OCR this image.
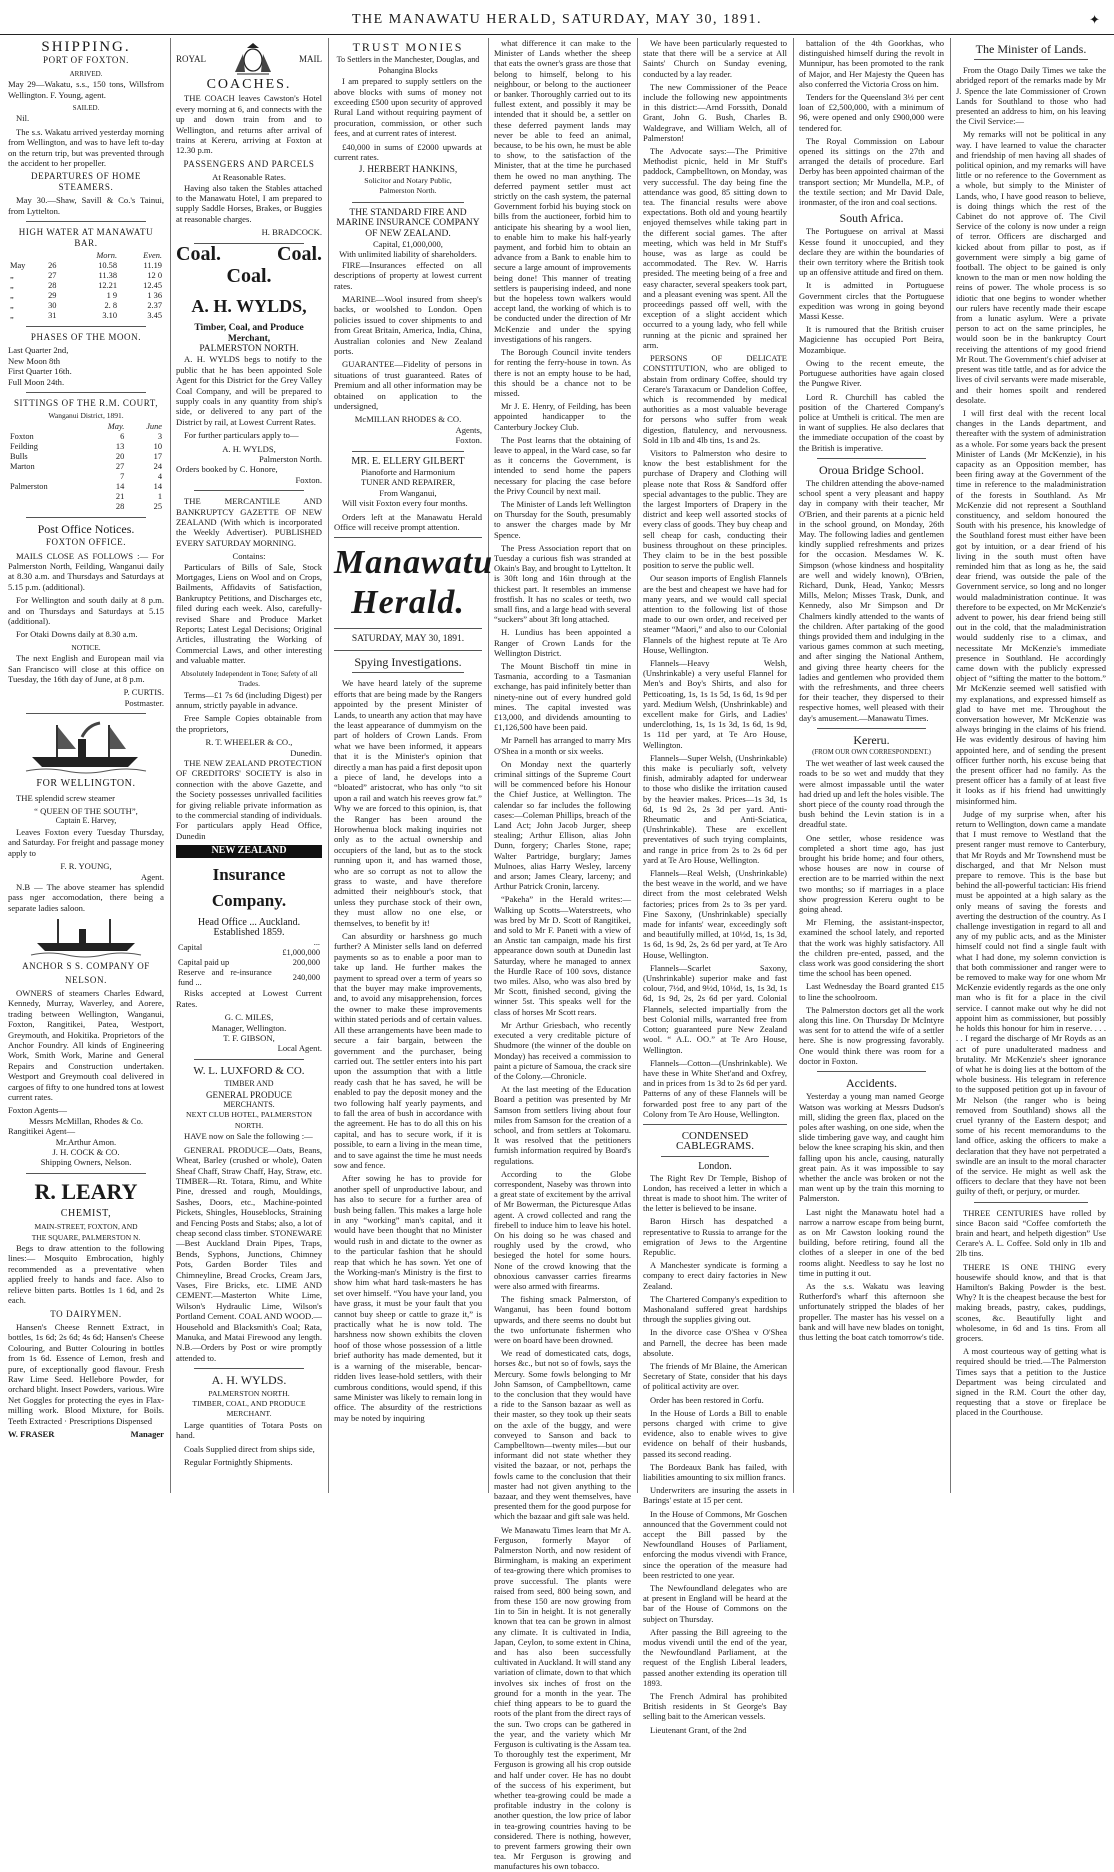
THE MANAWATU HERALD, SATURDAY, MAY 30, 1891.	✦
SHIPPING.
PORT OF FOXTON.
ARRIVED.

May 29—Wakatu, s.s., 150 tons, Willsfrom Wellington. F. Young, agent.

SAILED.

Nil.

The s.s. Wakatu arrived yesterday morning from Wellington, and was to have left to-day on the return trip, but was prevented through the accident to her propeller.

DEPARTURES OF HOME STEAMERS.

May 30.—Shaw, Savill & Co.'s Tainui, from Lyttelton.

HIGH WATER AT MANAWATU BAR.
		Morn.	Even.
May	26	10.58	11.19
„	27	11.38	12 0
„	28	12.21	12.45
„	29	1 9	1 36
„	30	2. 8	2.37
„	31	3.10	3.45
PHASES OF THE MOON.
Last Quarter 2nd,
New Moon 8th
First Quarter 16th.
Full Moon 24th.
SITTINGS OF THE R.M. COURT,
Wanganui District, 1891.
	May.	June
Foxton	6	3
Feilding	13	10
Bulls	20	17
Marton	27	24
	7	4
Palmerston	14	14
	21	1
	28	25
Post Office Notices.
FOXTON OFFICE.

MAILS CLOSE AS FOLLOWS :— For Palmerston North, Feilding, Wanganui daily at 8.30 a.m. and Thursdays and Saturdays at 5.15 p.m. (additional).

For Wellington and south daily at 8 p.m. and on Thursdays and Saturdays at 5.15 (additional).

For Otaki Downs daily at 8.30 a.m.

NOTICE.

The next English and European mail via San Francisco will close at this office on Tuesday, the 16th day of June, at 8 p.m.

P. CURTIS.
Postmaster.
FOR WELLINGTON.

THE splendid screw steamer

“ QUEEN OF THE SOUTH”,
Captain E. Harvey,

Leaves Foxton every Tuesday Thursday, and Saturday. For freight and passage money apply to

F. R. YOUNG,
Agent.

N.B — The above steamer has splendid pass nger accomodation, there being a separate ladies saloon.

ANCHOR S S. COMPANY OF
NELSON.

OWNERS of steamers Charles Edward, Kennedy, Murray, Waverley, and Aorere, trading between Wellington, Wanganui, Foxton, Rangitikei, Patea, Westport, Greymouth, and Hokitika. Proprietors of the Anchor Foundry. All kinds of Engineering Work, Smith Work, Marine and General Repairs and Construction undertaken. Westport and Greymouth coal delivered in cargoes of fifty to one hundred tons at lowest current rates.

Foxton Agents—
Messrs McMillan, Rhodes & Co.
Rangitikei Agent—
Mr.Arthur Amon.
J. H. COCK & CO.
Shipping Owners, Nelson.
R. LEARY
CHEMIST,
MAIN-STREET, FOXTON, AND
THE SQUARE, PALMERSTON N.

Begs to draw attention to the following lines:— Mosquito Embrocation, highly recommended as a preventative when applied freely to hands and face. Also to relieve bitten parts. Bottles 1s 1 6d, and 2s each.

TO DAIRYMEN.

Hansen's Cheese Rennett Extract, in bottles, 1s 6d; 2s 6d; 4s 6d; Hansen's Cheese Colouring, and Butter Colouring in bottles from 1s 6d. Essence of Lemon, fresh and pure, of exceptionally good flavour. Fresh Raw Lime Seed. Hellebore Powder, for orchard blight. Insect Powders, various. Wire Net Goggles for protecting the eyes in Flax-milling work. Blood Mixture, for Boils. Teeth Extracted · Prescriptions Dispensed

W. FRASER	Manager
ROYAL	MAIL
COACHES.

THE COACH leaves Cawston's Hotel every morning at 6, and connects with the up and down train from and to Wellington, and returns after arrival of trains at Kereru, arriving at Foxton at 12.30 p.m.

PASSENGERS AND PARCELS
At Reasonable Rates.

Having also taken the Stables attached to the Manawatu Hotel, I am prepared to supply Saddle Horses, Brakes, or Buggies at reasonable charges.

H. BRADCOCK.
Coal.	Coal.
Coal.
A. H. WYLDS,
Timber, Coal, and Produce Merchant,
PALMERSTON NORTH.

A. H. WYLDS begs to notify to the public that he has been appointed Sole Agent for this District for the Grey Valley Coal Company, and will be prepared to supply coals in any quantity from ship's side, or delivered to any part of the District by rail, at Lowest Current Rates.

For further particulars apply to—

A. H. WYLDS,
Palmerston North.
Orders booked by C. Honore,
Foxton.

THE MERCANTILE AND BANKRUPTCY GAZETTE OF NEW ZEALAND (With which is incorporated the Weekly Advertiser). PUBLISHED EVERY SATURDAY MORNING.

Contains:

Particulars of Bills of Sale, Stock Mortgages, Liens on Wool and on Crops, Bailments, Affidavits of Satisfaction, Bankruptcy Petitions, and Discharges etc, filed during each week. Also, carefully-revised Share and Produce Market Reports; Latest Legal Decisions; Original Articles, illustrating the Working of Commercial Laws, and other interesting and valuable matter.

Absolutely Independent in Tone; Safety of all Trades.

Terms—£1 7s 6d (including Digest) per annum, strictly payable in advance.

Free Sample Copies obtainable from the proprietors,

R. T. WHEELER & CO.,
Dunedin.

THE NEW ZEALAND PROTECTION OF CREDITORS' SOCIETY is also in connection with the above Gazette, and the Society possesses unrivalled facilities for giving reliable private information as to the commercial standing of individuals. For particulars apply Head Office, Dunedin

NEW ZEALAND
Insurance Company.
Head Office ... Auckland.
Established 1859.
Capital	... £1,000,000
Capital paid up	200,000
Reserve and re-insurance fund ...	240,000

Risks accepted at Lowest Current Rates.

G. C. MILES,
Manager, Wellington.
T. F. GIBSON,
Local Agent.
W. L. LUXFORD & CO.
TIMBER AND
GENERAL PRODUCE
MERCHANTS.
NEXT CLUB HOTEL, PALMERSTON NORTH.

HAVE now on Sale the following :—

GENERAL PRODUCE—Oats, Beans, Wheat, Barley (crushed or whole), Oaten Sheaf Chaff, Straw Chaff, Hay, Straw, etc. TIMBER—Rt. Totara, Rimu, and White Pine, dressed and rough, Mouldings, Sashes, Doors, etc., Machine-pointed Pickets, Shingles, Houseblocks, Straining and Fencing Posts and Stabs; also, a lot of cheap second class timber. STONEWARE—Best Auckland Drain Pipes, Traps, Bends, Syphons, Junctions, Chimney Pots, Garden Border Tiles and Chimneyline, Bread Crocks, Cream Jars, Vases, Fire Bricks, etc. LIME AND CEMENT.—Masterton White Lime, Wilson's Hydraulic Lime, Wilson's Portland Cement. COAL AND WOOD.—Household and Blacksmith's Coal; Rata, Manuka, and Matai Firewood any length. N.B.—Orders by Post or wire promptly attended to.

A. H. WYLDS.
PALMERSTON NORTH.
TIMBER, COAL, AND PRODUCE MERCHANT.

Large quantities of Totara Posts on hand.

Coals Supplied direct from ships side,

Regular Fortnightly Shipments.

TRUST MONIES
To Settlers in the Manchester, Douglas, and Pohangina Blocks

I am prepared to supply settlers on the above blocks with sums of money not exceeding £500 upon security of approved Rural Land without requiring payment of procuration, commission, or other such fees, and at current rates of interest.

£40,000 in sums of £2000 upwards at current rates.

J. HERBERT HANKINS,
Solicitor and Notary Public,
Palmerston North.
THE STANDARD FIRE AND MARINE INSURANCE COMPANY OF NEW ZEALAND.
Capital, £1,000,000,
With unlimited liability of shareholders.

FIRE—Insurances effected on all descriptions of property at lowest current rates.

MARINE—Wool insured from sheep's backs, or woolshed to London. Open policies issued to cover shipments to and from Great Britain, America, India, China, Australian colonies and New Zealand ports.

GUARANTEE—Fidelity of persons in situations of trust guaranteed. Rates of Premium and all other information may be obtained on application to the undersigned,

McMILLAN RHODES & CO.
Agents,
Foxton.
MR. E. ELLERY GILBERT
Pianoforte and Harmonium
TUNER AND REPAIRER,
From Wanganui,

Will visit Foxton every four months.

Orders left at the Manawatu Herald Office will receive prompt attention.

Manawatu Herald.
SATURDAY, MAY 30, 1891.
Spying Investigations.

We have heard lately of the supreme efforts that are being made by the Rangers appointed by the present Minister of Lands, to unearth any action that may have the least appearance of dummyism on the part of holders of Crown Lands. From what we have been informed, it appears that it is the Minister's opinion that directly a man has paid a first deposit upon a piece of land, he develops into a “bloated” aristocrat, who has only “to sit upon a rail and watch his reeves grow fat.” Why we are forced to this opinion, is, that the Ranger has been around the Horowhenua block making inquiries not only as to the actual ownership and occupiers of the land, but as to the stock running upon it, and has warned those, who are so corrupt as not to allow the grass to waste, and have therefore admitted their neighbour's stock, that unless they purchase stock of their own, they must allow no one else, or themselves, to benefit by it!

Can absurdity or harshness go much further? A Minister sells land on deferred payments so as to enable a poor man to take up land. He further makes the payment to spread over a term of years so that the buyer may make improvements, and, to avoid any misapprehension, forces the owner to make these improvements within stated periods and of certain values. All these arrangements have been made to secure a fair bargain, between the government and the purchaser, being carried out. The settler enters into his part upon the assumption that with a little ready cash that he has saved, he will be enabled to pay the deposit money and the two following half yearly payments, and to fall the area of bush in accordance with the agreement. He has to do all this on his capital, and has to secure work, if it is possible, to earn a living in the mean time, and to save against the time he must needs sow and fence.

After sowing he has to provide for another spell of unproductive labour, and has also to secure for a further area of bush being fallen. This makes a large hole in any “working” man's capital, and it would have been thought that no Minister would rush in and dictate to the owner as to the particular fashion that he should reap that which he has sown. Yet one of the Working-man's Ministry is the first to show him what hard task-masters he has set over himself. “You have your land, you have grass, it must be your fault that you cannot buy sheep or cattle to graze it,” is practically what he is now told. The harshness now shown exhibits the cloven hoof of those whose possession of a little brief authority has made demented, but it is a warning of the miserable, bencar-ridden lives lease-hold settlers, with their cumbrous conditions, would spend, if this same Minister was likely to remain long in office. The absurdity of the restrictions may be noted by inquiring

what difference it can make to the Minister of Lands whether the sheep that eats the owner's grass are those that belong to himself, belong to his neighbour, or belong to the auctioneer or banker. Thoroughly carried out to its fullest extent, and possibly it may be intended that it should be, a settler on these deferred payment lands may never be able to feed an animal, because, to be his own, he must be able to show, to the satisfaction of the Minister, that at the time he purchased them he owed no man anything. The deferred payment settler must act strictly on the cash system, the paternal Government forbid his buying stock on bills from the auctioneer, forbid him to anticipate his shearing by a wool lien, to enable him to make his half-yearly payment, and forbid him to obtain an advance from a Bank to enable him to secure a large amount of improvements being done! This manner of treating settlers is pauperising indeed, and none but the hopeless town walkers would accept land, the working of which is to be conducted under the direction of Mr McKenzie and under the spying investigations of his rangers.

The Borough Council invite tenders for renting the ferry-house in town. As there is not an empty house to be had, this should be a chance not to be missed.

Mr J. E. Henry, of Feilding, has been appointed handicapper to the Canterbury Jockey Club.

The Post learns that the obtaining of leave to appeal, in the Ward case, so far as it concerns the Government, is intended to send home the papers necessary for placing the case before the Privy Council by next mail.

The Minister of Lands left Wellington on Thursday for the South, presumably to answer the charges made by Mr Spence.

The Press Association report that on Tuesday a curious fish was stranded at Okain's Bay, and brought to Lyttelton. It is 30ft long and 16in through at the thickest part. It resembles an immense frostfish. It has no scales or teeth, two small fins, and a large head with several “suckers” about 3ft long attached.

H. Lundius has been appointed a Ranger of Crown Lands for the Wellington District.

The Mount Bischoff tin mine in Tasmania, according to a Tasmanian exchange, has paid infinitely better than ninety-nine out of every hundred gold mines. The capital invested was £13,000, and dividends amounting to £1,126,500 have been paid.

Mr Parnell has arranged to marry Mrs O'Shea in a month or six weeks.

On Monday next the quarterly criminal sittings of the Supreme Court will be commenced before his Honour the Chief Justice, at Wellington. The calendar so far includes the following cases:—Coleman Phillips, breach of the Land Act; John Jacob Jurger, sheep stealing; Arthur Ellison, alias John Dunn, forgery; Charles Stone, rape; Walter Partridge, burglary; James Mulnoes, alias Harry Wesley, larceny and arson; James Cleary, larceny; and Arthur Patrick Cronin, larceny.

“Pakeha” in the Herald writes:—Walking up Scotts—Waterstreets, who was bred by Mr D. Scott of Rangitikei, and sold to Mr F. Paneti with a view of an Anstic tan campaign, made his first appearance down south at Dunedin last Saturday, where he managed to annex the Hurdle Race of 100 sovs, distance two miles. Also, who was also bred by Mr Scott, finished second, giving the winner 5st. This speaks well for the class of horses Mr Scott rears.

Mr Arthur Griesbach, who recently executed a very creditable picture of Shudmore (the winner of the double on Monday) has received a commission to paint a picture of Samoua, the crack sire of the Colony.—Chronicle.

At the last meeting of the Education Board a petition was presented by Mr Samson from settlers living about four miles from Samson for the creation of a school, and from settlers at Tokomaru. It was resolved that the petitioners furnish information required by Board's regulations.

According to the Globe correspondent, Naseby was thrown into a great state of excitement by the arrival of Mr Bowerman, the Picturesque Atlas agent. A crowd collected and rang the firebell to induce him to leave his hotel. On his doing so he was chased and roughly used by the crowd, who besieged the hotel for some hours. None of the crowd knowing that the obnoxious canvasser carries firearms were also armed with firearms.

The fishing smack Palmerston, of Wanganui, has been found bottom upwards, and there seems no doubt but the two unfortunate fishermen who were on board have been drowned.

We read of domesticated cats, dogs, horses &c., but not so of fowls, says the Mercury. Some fowls belonging to Mr John Samson, of Campbelltown, came to the conclusion that they would have a ride to the Sanson bazaar as well as their master, so they took up their seats on the axle of the buggy, and were conveyed to Sanson and back to Campbelltown—twenty miles—but our informant did not state whether they visited the bazaar, or not, perhaps the fowls came to the conclusion that their master had not given anything to the bazaar, and they went themselves, have presented them for the good purpose for which the bazaar and gift sale was held.

We Manawatu Times learn that Mr A. Ferguson, formerly Mayor of Palmerston North, and now resident of Birmingham, is making an experiment of tea-growing there which promises to prove successful. The plants were raised from seed, 800 being sown, and from these 150 are now growing from 1in to 5in in height. It is not generally known that tea can be grown in almost any climate. It is cultivated in India, Japan, Ceylon, to some extent in China, and has also been successfully cultivated in Auckland. It will stand any variation of climate, down to that which involves six inches of frost on the ground for a month in the year. The chief thing appears to be to guard the roots of the plant from the direct rays of the sun. Two crops can be gathered in the year, and the variety which Mr Ferguson is cultivating is the Assam tea. To thoroughly test the experiment, Mr Ferguson is growing all his crop outside and half under cover. He has no doubt of the success of his experiment, but whether tea-growing could be made a profitable industry in the colony is another question, the low price of labor in tea-growing countries having to be considered. There is nothing, however, to prevent farmers growing their own tea. Mr Ferguson is growing and manufactures his own tobacco.

We have been particularly requested to state that there will be a service at All Saints' Church on Sunday evening, conducted by a lay reader.

The new Commissioner of the Peace include the following new appointments in this district:—Arnd Forssith, Donald Grant, John G. Bush, Charles B. Waldegrave, and William Welch, all of Palmerston!

The Advocate says:—The Primitive Methodist picnic, held in Mr Stuff's paddock, Campbelltown, on Monday, was very successful. The day being fine the attendance was good, 85 sitting down to tea. The financial results were above expectations. Both old and young heartily enjoyed themselves while taking part in the different social games. The after meeting, which was held in Mr Stuff's house, was as large as could be accommodated. The Rev. W. Harris presided. The meeting being of a free and easy character, several speakers took part, and a pleasant evening was spent. All the proceedings passed off well, with the exception of a slight accident which occurred to a young lady, who fell while running at the picnic and sprained her arm.

PERSONS OF DELICATE CONSTITUTION, who are obliged to abstain from ordinary Coffee, should try Cerare's Taraxacum or Dandelion Coffee, which is recommended by medical authorities as a most valuable beverage for persons who suffer from weak digestion, flatulency, and nervousness. Sold in 1lb and 4lb tins, 1s and 2s.

Visitors to Palmerston who desire to know the best establishment for the purchase of Drapery and Clothing will please note that Ross & Sandford offer special advantages to the public. They are the largest Importers of Drapery in the district and keep well assorted stocks of every class of goods. They buy cheap and sell cheap for cash, conducting their business throughout on these principles. They claim to be in the best possible position to serve the public well.

Our season imports of English Flannels are the best and cheapest we have had for many years, and we would call special attention to the following list of those made to our own order, and received per steamer “Maori,” and also to our Colonial Flannels of the highest repute at Te Aro House, Wellington.

Flannels—Heavy Welsh, (Unshrinkable) a very useful Flannel for Men's and Boy's Shirts, and also for Petticoating, 1s, 1s 1s 5d, 1s 6d, 1s 9d per yard. Medium Welsh, (Unshrinkable) and excellent make for Girls, and Ladies' underclothing, 1s, 1s 1s 3d, 1s 6d, 1s 9d, 1s 11d per yard, at Te Aro House, Wellington.

Flannels—Super Welsh, (Unshrinkable) this make is peculiarly soft, velvety finish, admirably adapted for underwear to those who dislike the irritation caused by the heavier makes. Prices—1s 3d, 1s 6d, 1s 9d 2s, 2s 3d per yard. Anti-Rheumatic and Anti-Sciatica, (Unshrinkable). These are excellent preventatives of such trying complaints, and range in price from 2s to 2s 6d per yard at Te Aro House, Wellington.

Flannels—Real Welsh, (Unshrinkable) the best weave in the world, and we have direct from the most celebrated Welsh factories; prices from 2s to 3s per yard. Fine Saxony, (Unshrinkable) specially made for infants' wear, exceedingly soft and beautifully milled, at 10½d, 1s, 1s 3d, 1s 6d, 1s 9d, 2s, 2s 6d per yard, at Te Aro House, Wellington.

Flannels—Scarlet Saxony, (Unshrinkable) superior make and fast colour, 7½d, and 9½d, 10½d, 1s, 1s 3d, 1s 6d, 1s 9d, 2s, 2s 6d per yard. Colonial Flannels, selected impartially from the best Colonial mills, warranted free from Cotton; guaranteed pure New Zealand wool. “ A.L. OO.” at Te Aro House, Wellington.

Flannels—Cotton—(Unshrinkable). We have these in White Shet'and and Oxfrey, and in prices from 1s 3d to 2s 6d per yard. Patterns of any of these Flannels will be forwarded post free to any part of the Colony from Te Aro House, Wellington.

CONDENSED CABLEGRAMS.
London.

The Right Rev Dr Temple, Bishop of London, has received a letter in which a threat is made to shoot him. The writer of the letter is believed to be insane.

Baron Hirsch has despatched a representative to Russia to arrange for the emigration of Jews to the Argentine Republic.

A Manchester syndicate is forming a company to erect dairy factories in New Zealand.

The Chartered Company's expedition to Mashonaland suffered great hardships through the supplies giving out.

In the divorce case O'Shea v O'Shea and Parnell, the decree has been made absolute.

The friends of Mr Blaine, the American Secretary of State, consider that his days of political activity are over.

Order has been restored in Corfu.

In the House of Lords a Bill to enable persons charged with crime to give evidence, also to enable wives to give evidence on behalf of their husbands, passed its second reading.

The Bordeaux Bank has failed, with liabilities amounting to six million francs.

Underwriters are insuring the assets in Barings' estate at 15 per cent.

In the House of Commons, Mr Goschen announced that the Government could not accept the Bill passed by the Newfoundland Houses of Parliament, enforcing the modus vivendi with France, since the operation of the measure had been restricted to one year.

The Newfoundland delegates who are at present in England will be heard at the bar of the House of Commons on the subject on Thursday.

After passing the Bill agreeing to the modus vivendi until the end of the year, the Newfoundland Parliament, at the request of the English Liberal leaders, passed another extending its operation till 1893.

The French Admiral has prohibited British residents in St George's Bay selling bait to the American vessels.

Lieutenant Grant, of the 2nd

battalion of the 4th Goorkhas, who distinguished himself during the revolt in Munnipur, has been promoted to the rank of Major, and Her Majesty the Queen has also conferred the Victoria Cross on him.

Tenders for the Queensland 3½ per cent loan of £2,500,000, with a minimum of 96, were opened and only £900,000 were tendered for.

The Royal Commission on Labour opened its sittings on the 27th and arranged the details of procedure. Earl Derby has been appointed chairman of the transport section; Mr Mundella, M.P., of the textile section; and Mr David Dale, ironmaster, of the iron and coal sections.

South Africa.

The Portuguese on arrival at Massi Kesse found it unoccupied, and they declare they are within the boundaries of their own territory where the British took up an offensive attitude and fired on them.

It is admitted in Portuguese Government circles that the Portuguese expedition was wrong in going beyond Massi Kesse.

It is rumoured that the British cruiser Magicienne has occupied Port Beira, Mozambique.

Owing to the recent emeute, the Portuguese authorities have again closed the Pungwe River.

Lord R. Churchill has cabled the position of the Chartered Company's police at Umtheli is critical. The men are in want of supplies. He also declares that the immediate occupation of the coast by the British is imperative.

Oroua Bridge School.

The children attending the above-named school spent a very pleasant and happy day in company with their teacher, Mr O'Brien, and their parents at a picnic held in the school ground, on Monday, 26th May. The following ladies and gentlemen kindly supplied refreshments and prizes for the occasion. Mesdames W. K. Simpson (whose kindness and hospitality are well and widely known), O'Brien, Richard, Dunk, Head, Yanko; Messrs Mills, Melon; Misses Trask, Dunk, and Kennedy, also Mr Simpson and Dr Chalmers kindly attended to the wants of the children. After partaking of the good things provided them and indulging in the various games common at such meeting, and after singing the National Anthem, and giving three hearty cheers for the ladies and gentlemen who provided them with the refreshments, and three cheers for their teacher, they dispersed to their respective homes, well pleased with their day's amusement.—Manawatu Times.

Kereru.
(FROM OUR OWN CORRESPONDENT.)

The wet weather of last week caused the roads to be so wet and muddy that they were almost impassable until the water had dried up and left the holes visible. The short piece of the county road through the bush behind the Levin station is in a dreadful state.

One settler, whose residence was completed a short time ago, has just brought his bride home; and four others, whose houses are now in course of erection are to be married within the next two months; so if marriages in a place show progression Kereru ought to be going ahead.

Mr Fleming, the assistant-inspector, examined the school lately, and reported that the work was highly satisfactory. All the children pre-ented, passed, and the class work was good considering the short time the school has been opened.

Last Wednesday the Board granted £15 to line the schoolroom.

The Palmerston doctors get all the work along this line. On Thursday Dr McIntyre was sent for to attend the wife of a settler here. She is now progressing favorably. One would think there was room for a doctor in Foxton.

Accidents.

Yesterday a young man named George Watson was working at Messrs Dudson's mill, sliding the green flax, placed on the poles after washing, on one side, when the slide timbering gave way, and caught him below the knee scraping his skin, and then falling upon his ancle, causing, naturally great pain. As it was impossible to say whether the ancle was broken or not the man went up by the train this morning to Palmerston.

Last night the Manawatu hotel had a narrow a narrow escape from being burnt, as on Mr Cawston looking round the building, before retiring, found all the clothes of a sleeper in one of the bed rooms alight. Needless to say he lost no time in putting it out.

As the s.s. Wakatu was leaving Rutherford's wharf this afternoon she unfortunately stripped the blades of her propeller. The master has his vessel on a bank and will have new blades on tonight, thus letting the boat catch tomorrow's tide.

The Minister of Lands.

From the Otago Daily Times we take the abridged report of the remarks made by Mr J. Spence the late Commissioner of Crown Lands for Southland to those who had presented an address to him, on his leaving the Civil Service:—

My remarks will not be political in any way. I have learned to value the character and friendship of men having all shades of political opinion, and my remarks will have little or no reference to the Government as a whole, but simply to the Minister of Lands, who, I have good reason to believe, is doing things which the rest of the Cabinet do not approve of. The Civil Service of the colony is now under a reign of terror. Officers are discharged and kicked about from pillar to post, as if government were simply a big game of football. The object to be gained is only known to the man or men now holding the reins of power. The whole process is so idiotic that one begins to wonder whether our rulers have recently made their escape from a lunatic asylum. Were a private person to act on the same principles, he would soon be in the bankruptcy Court receiving the attentions of my good friend Mr Rout. The Government's chief adviser at present was title tattle, and as for advice the lives of civil servants were made miserable, and their homes spoilt and rendered desolate.

I will first deal with the recent local changes in the Lands department, and thereafter with the system of administration as a whole. For some years back the present Minister of Lands (Mr McKenzie), in his capacity as an Opposition member, has been firing away at the Government of the time in reference to the maladministration of the forests in Southland. As Mr McKenzie did not represent a Southland constituency, and seldom honoured the South with his presence, his knowledge of the Southland forest must either have been got by intuition, or a dear friend of his living in the south must often have reminded him that as long as he, the said dear friend, was outside the pale of the Government service, so long and no longer would maladministration continue. It was therefore to be expected, on Mr McKenzie's advent to power, his dear friend being still out in the cold, that the maladministration would suddenly rise to a climax, and necessitate Mr McKenzie's immediate presence in Southland. He accordingly came down with the publicly expressed object of “sifting the matter to the bottom.” Mr McKenzie seemed well satisfied with my explanations, and expressed himself as glad to have met me. Throughout the conversation however, Mr McKenzie was always bringing in the claims of his friend. He was evidently desirous of having him appointed here, and of sending the present officer further north, his excuse being that the present officer had no family. As the present officer has a family of at least five it looks as if his friend had unwittingly misinformed him.

Judge of my surprise when, after his return to Wellington, down came a mandate that I must remove to Westland that the present ranger must remove to Canterbury, that Mr Royds and Mr Townshend must be discharged, and that Mr Nelson must prepare to remove. This is the base but behind the all-powerful tactician: His friend must be appointed at a high salary as the only means of saving the forests and averting the destruction of the country. As I challenge investigation in regard to all and any of my public acts, and as the Minister himself could not find a single fault with what I had done, my solemn conviction is that both commissioner and ranger were to be removed to make way for one whom Mr McKenzie evidently regards as the one only man who is fit for a place in the civil service. I cannot make out why he did not appoint him as commissioner, but possibly he holds this honour for him in reserve. . . . . . I regard the discharge of Mr Royds as an act of pure unadulterated madness and brutality. Mr McKenzie's sheer ignorance of what he is doing lies at the bottom of the whole business. His telegram in reference to the supposed petition got up in favour of Mr Nelson (the ranger who is being removed from Southland) shows all the cruel tyranny of the Eastern despot; and some of his recent memorandums to the land office, asking the officers to make a declaration that they have not perpetrated a swindle are an insult to the moral character of the service. He might as well ask the officers to declare that they have not been guilty of theft, or perjury, or murder.

THREE CENTURIES have rolled by since Bacon said “Coffee comforteth the brain and heart, and helpeth digestion” Use Cerare's A. L. Coffee. Sold only in 1lb and 2lb tins.

THERE IS ONE THING every housewife should know, and that is that Hamilton's Baking Powder is the best. Why? It is the cheapest because the best for making breads, pastry, cakes, puddings, scones, &c. Beautifully light and wholesome, in 6d and 1s tins. From all grocers.

A most courteous way of getting what is required should be tried.—The Palmerston Times says that a petition to the Justice Department was being circulated and signed in the R.M. Court the other day, requesting that a stove or fireplace be placed in the Courthouse.
